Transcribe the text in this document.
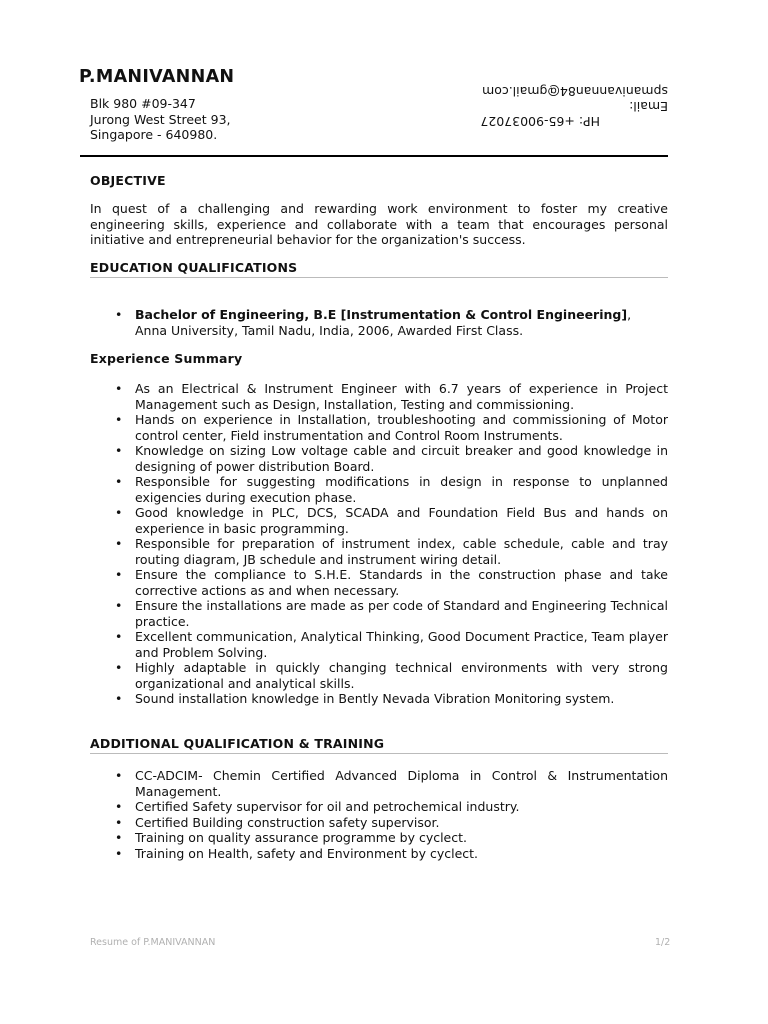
P.MANIVANNAN
Blk 980 #09-347
Jurong West Street 93,
Singapore - 640980.
HP: +65-90037027
Email:
spmanivannan84@gmail.com
OBJECTIVE
In quest of a challenging and rewarding work environment to foster my creative engineering skills, experience and collaborate with a team that encourages personal initiative and entrepreneurial behavior for the organization's success.
EDUCATION QUALIFICATIONS
• Bachelor of Engineering, B.E [Instrumentation & Control Engineering],
Anna University, Tamil Nadu, India, 2006, Awarded First Class.
Experience Summary
• As an Electrical & Instrument Engineer with 6.7 years of experience in Project Management such as Design, Installation, Testing and commissioning.
• Hands on experience in Installation, troubleshooting and commissioning of Motor control center, Field instrumentation and Control Room Instruments.
• Knowledge on sizing Low voltage cable and circuit breaker and good knowledge in designing of power distribution Board.
• Responsible for suggesting modifications in design in response to unplanned exigencies during execution phase.
• Good knowledge in PLC, DCS, SCADA and Foundation Field Bus and hands on experience in basic programming.
• Responsible for preparation of instrument index, cable schedule, cable and tray routing diagram, JB schedule and instrument wiring detail.
• Ensure the compliance to S.H.E. Standards in the construction phase and take corrective actions as and when necessary.
• Ensure the installations are made as per code of Standard and Engineering Technical practice.
• Excellent communication, Analytical Thinking, Good Document Practice, Team player and Problem Solving.
• Highly adaptable in quickly changing technical environments with very strong organizational and analytical skills.
• Sound installation knowledge in Bently Nevada Vibration Monitoring system.
ADDITIONAL QUALIFICATION & TRAINING
• CC-ADCIM- Chemin Certified Advanced Diploma in Control & Instrumentation Management.
• Certified Safety supervisor for oil and petrochemical industry.
• Certified Building construction safety supervisor.
• Training on quality assurance programme by cyclect.
• Training on Health, safety and Environment by cyclect.
Resume of P.MANIVANNAN	1/2
